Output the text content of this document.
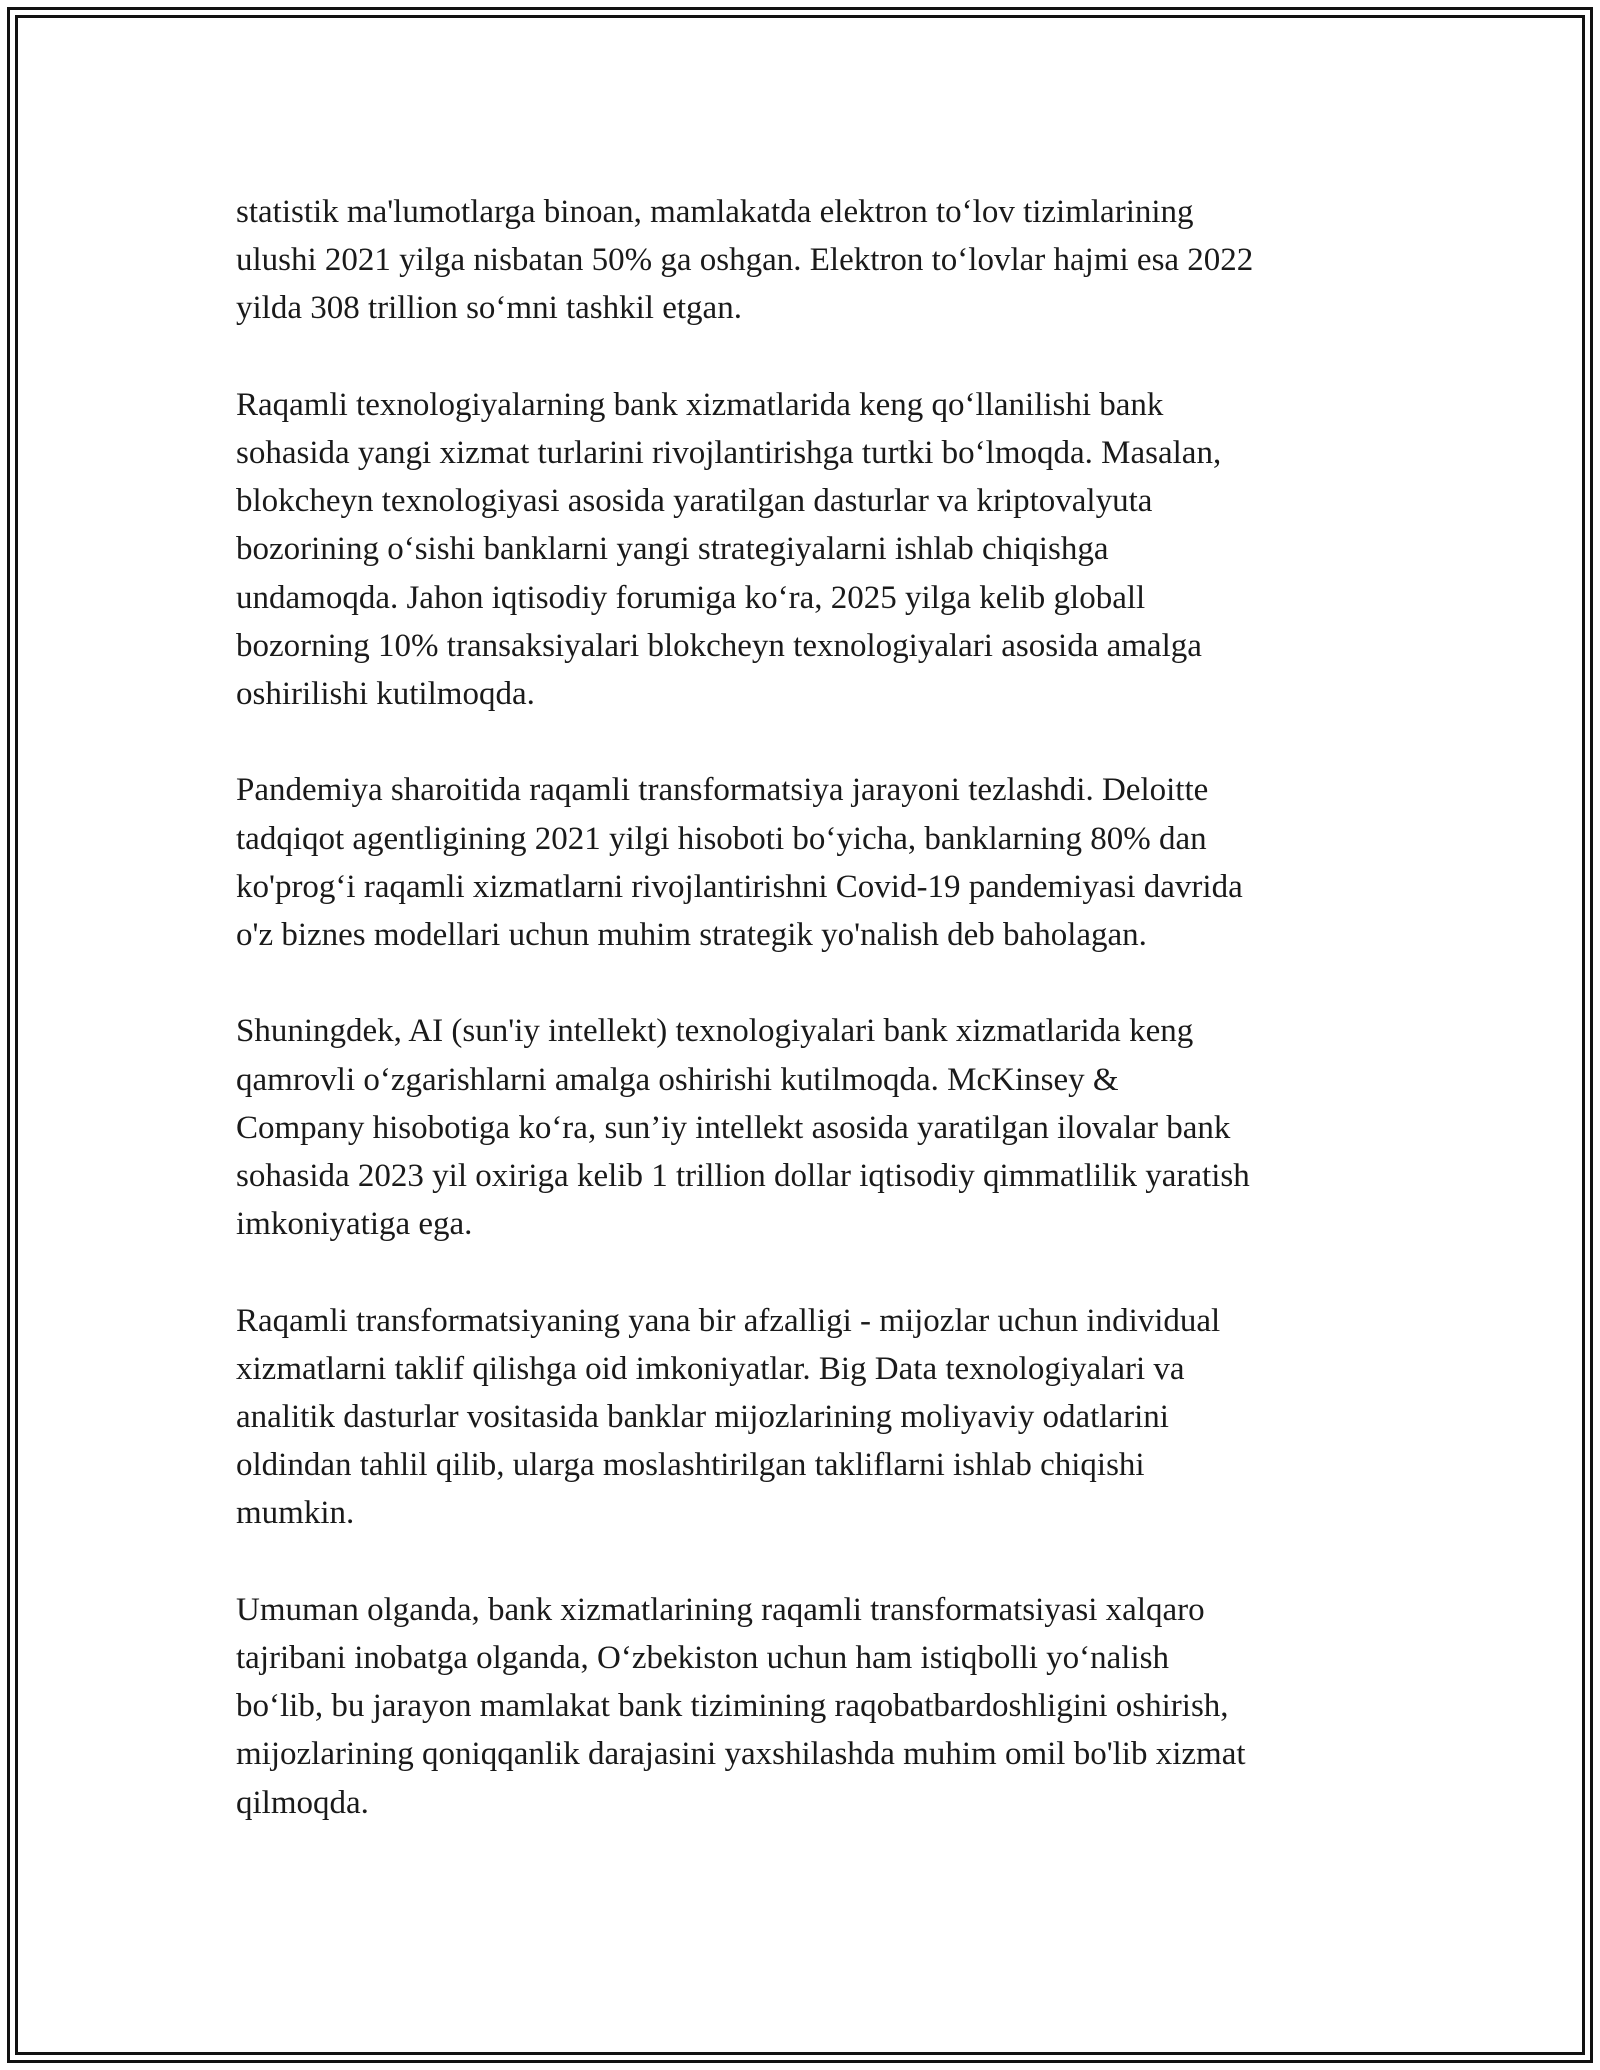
statistik ma'lumotlarga binoan, mamlakatda elektron to‘lov tizimlarining
ulushi 2021 yilga nisbatan 50% ga oshgan. Elektron to‘lovlar hajmi esa 2022
yilda 308 trillion so‘mni tashkil etgan.

Raqamli texnologiyalarning bank xizmatlarida keng qo‘llanilishi bank
sohasida yangi xizmat turlarini rivojlantirishga turtki bo‘lmoqda. Masalan,
blokcheyn texnologiyasi asosida yaratilgan dasturlar va kriptovalyuta
bozorining o‘sishi banklarni yangi strategiyalarni ishlab chiqishga
undamoqda. Jahon iqtisodiy forumiga ko‘ra, 2025 yilga kelib globall
bozorning 10% transaksiyalari blokcheyn texnologiyalari asosida amalga
oshirilishi kutilmoqda.

Pandemiya sharoitida raqamli transformatsiya jarayoni tezlashdi. Deloitte
tadqiqot agentligining 2021 yilgi hisoboti bo‘yicha, banklarning 80% dan
ko'prog‘i raqamli xizmatlarni rivojlantirishni Covid-19 pandemiyasi davrida
o'z biznes modellari uchun muhim strategik yo'nalish deb baholagan.

Shuningdek, AI (sun'iy intellekt) texnologiyalari bank xizmatlarida keng
qamrovli o‘zgarishlarni amalga oshirishi kutilmoqda. McKinsey &
Company hisobotiga ko‘ra, sun’iy intellekt asosida yaratilgan ilovalar bank
sohasida 2023 yil oxiriga kelib 1 trillion dollar iqtisodiy qimmatlilik yaratish
imkoniyatiga ega.

Raqamli transformatsiyaning yana bir afzalligi - mijozlar uchun individual
xizmatlarni taklif qilishga oid imkoniyatlar. Big Data texnologiyalari va
analitik dasturlar vositasida banklar mijozlarining moliyaviy odatlarini
oldindan tahlil qilib, ularga moslashtirilgan takliflarni ishlab chiqishi
mumkin.

Umuman olganda, bank xizmatlarining raqamli transformatsiyasi xalqaro
tajribani inobatga olganda, O‘zbekiston uchun ham istiqbolli yo‘nalish
bo‘lib, bu jarayon mamlakat bank tizimining raqobatbardoshligini oshirish,
mijozlarining qoniqqanlik darajasini yaxshilashda muhim omil bo'lib xizmat
qilmoqda.
